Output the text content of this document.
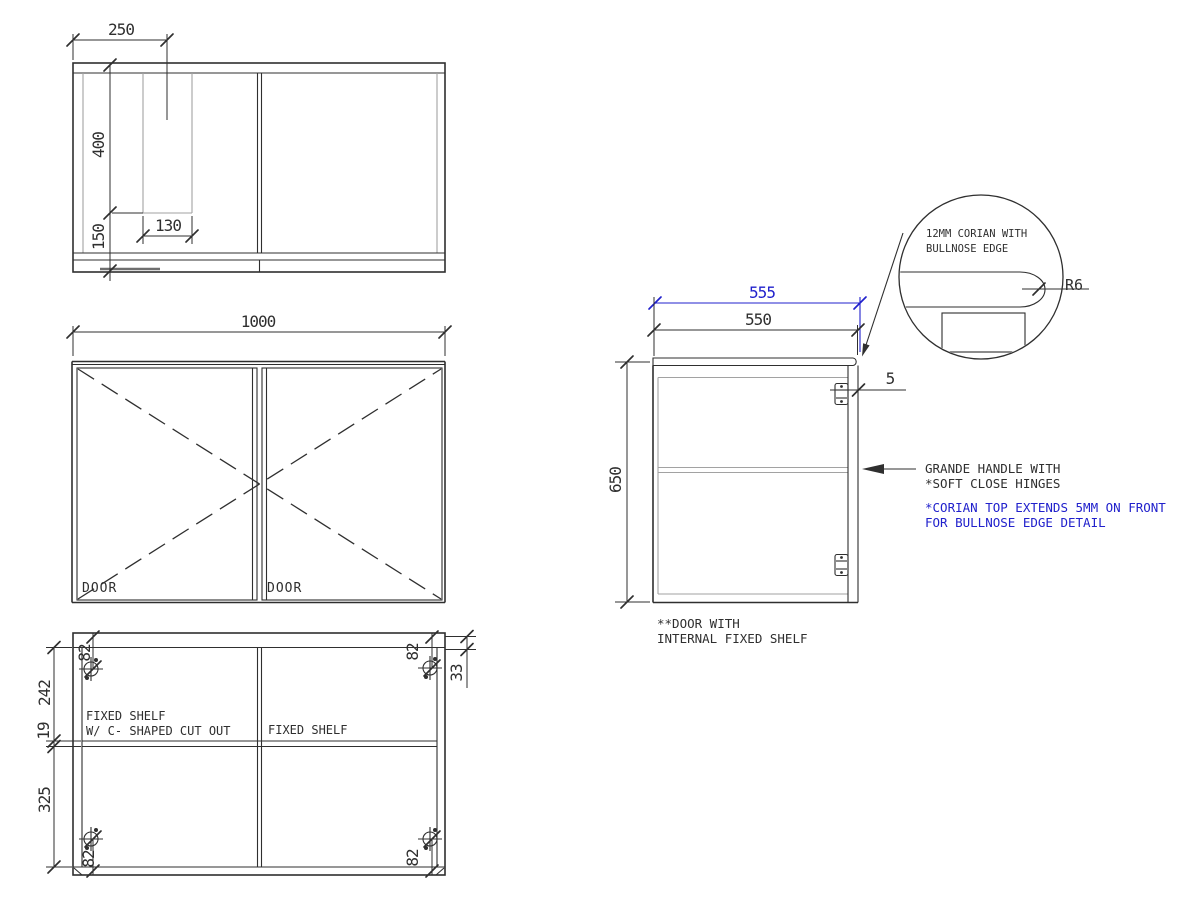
250
400
150	130
1000
DOOR	DOOR
82	82
82	82
242
19
325
33
FIXED SHELF
W/ C- SHAPED CUT OUT	FIXED SHELF
555
550
650
5
GRANDE HANDLE WITH
*SOFT CLOSE HINGES
*CORIAN TOP EXTENDS 5MM ON FRONT
FOR BULLNOSE EDGE DETAIL
**DOOR WITH
INTERNAL FIXED SHELF
R6
12MM CORIAN WITH
BULLNOSE EDGE
